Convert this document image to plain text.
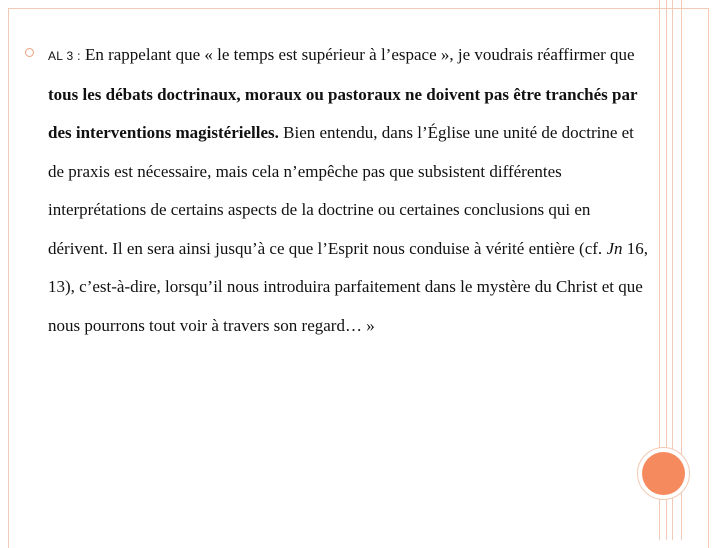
AL 3 : En rappelant que « le temps est supérieur à l’espace », je voudrais réaffirmer que tous les débats doctrinaux, moraux ou pastoraux ne doivent pas être tranchés par des interventions magistérielles. Bien entendu, dans l’Église une unité de doctrine et de praxis est nécessaire, mais cela n’empêche pas que subsistent différentes interprétations de certains aspects de la doctrine ou certaines conclusions qui en dérivent. Il en sera ainsi jusqu’à ce que l’Esprit nous conduise à vérité entière (cf. Jn 16, 13), c’est-à-dire, lorsqu’il nous introduira parfaitement dans le mystère du Christ et que nous pourrons tout voir à travers son regard… »
